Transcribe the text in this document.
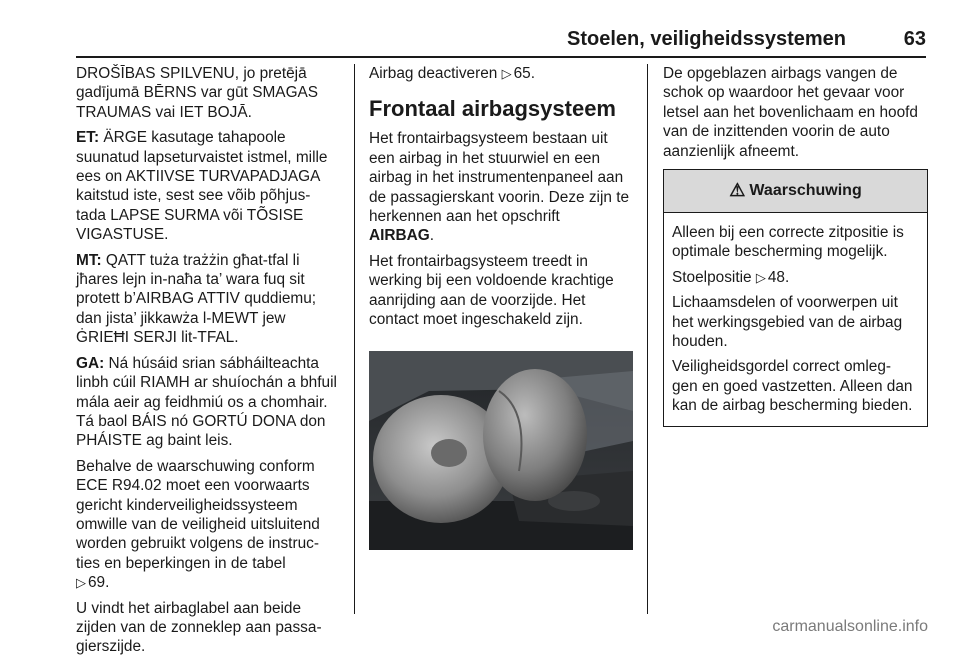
Stoelen, veiligheidssystemen	63

DROŠĪBAS SPILVENU, jo pretējā gadījumā BĒRNS var gūt SMAGAS TRAUMAS vai IET BOJĀ.

ET: ÄRGE kasutage tahapoole suunatud lapseturvaistet istmel, mille ees on AKTIIVSE TURVAPADJAGA kaitstud iste, sest see võib põhjus- tada LAPSE SURMA või TÕSISE VIGASTUSE.

MT: QATT tuża trażżin għat-tfal li jħares lejn in-naħa ta’ wara fuq sit protett b’AIRBAG ATTIV quddiemu; dan jista’ jikkawża l-MEWT jew ĠRIEĦI SERJI lit-TFAL.

GA: Ná húsáid srian sábháilteachta linbh cúil RIAMH ar shuíochán a bhfuil mála aeir ag feidhmiú os a chomhair. Tá baol BÁIS nó GORTÚ DONA don PHÁISTE ag baint leis.

Behalve de waarschuwing conform ECE R94.02 moet een voorwaarts gericht kinderveiligheidssysteem omwille van de veiligheid uitsluitend worden gebruikt volgens de instruc- ties en beperkingen in de tabel
▷ 69.

U vindt het airbaglabel aan beide zijden van de zonneklep aan passa- gierszijde.

Airbag deactiveren ▷ 65.

Frontaal airbagsysteem

Het frontairbagsysteem bestaan uit een airbag in het stuurwiel en een airbag in het instrumentenpaneel aan de passagierskant voorin. Deze zijn te herkennen aan het opschrift
AIRBAG.

Het frontairbagsysteem treedt in werking bij een voldoende krachtige aanrijding aan de voorzijde. Het contact moet ingeschakeld zijn.

De opgeblazen airbags vangen de schok op waardoor het gevaar voor letsel aan het bovenlichaam en hoofd van de inzittenden voorin de auto aanzienlijk afneemt.

⚠ Waarschuwing

Alleen bij een correcte zitpositie is optimale bescherming mogelijk.

Stoelpositie ▷ 48.

Lichaamsdelen of voorwerpen uit het werkingsgebied van de airbag houden.

Veiligheidsgordel correct omleg- gen en goed vastzetten. Alleen dan kan de airbag bescherming bieden.

carmanualsonline.info
